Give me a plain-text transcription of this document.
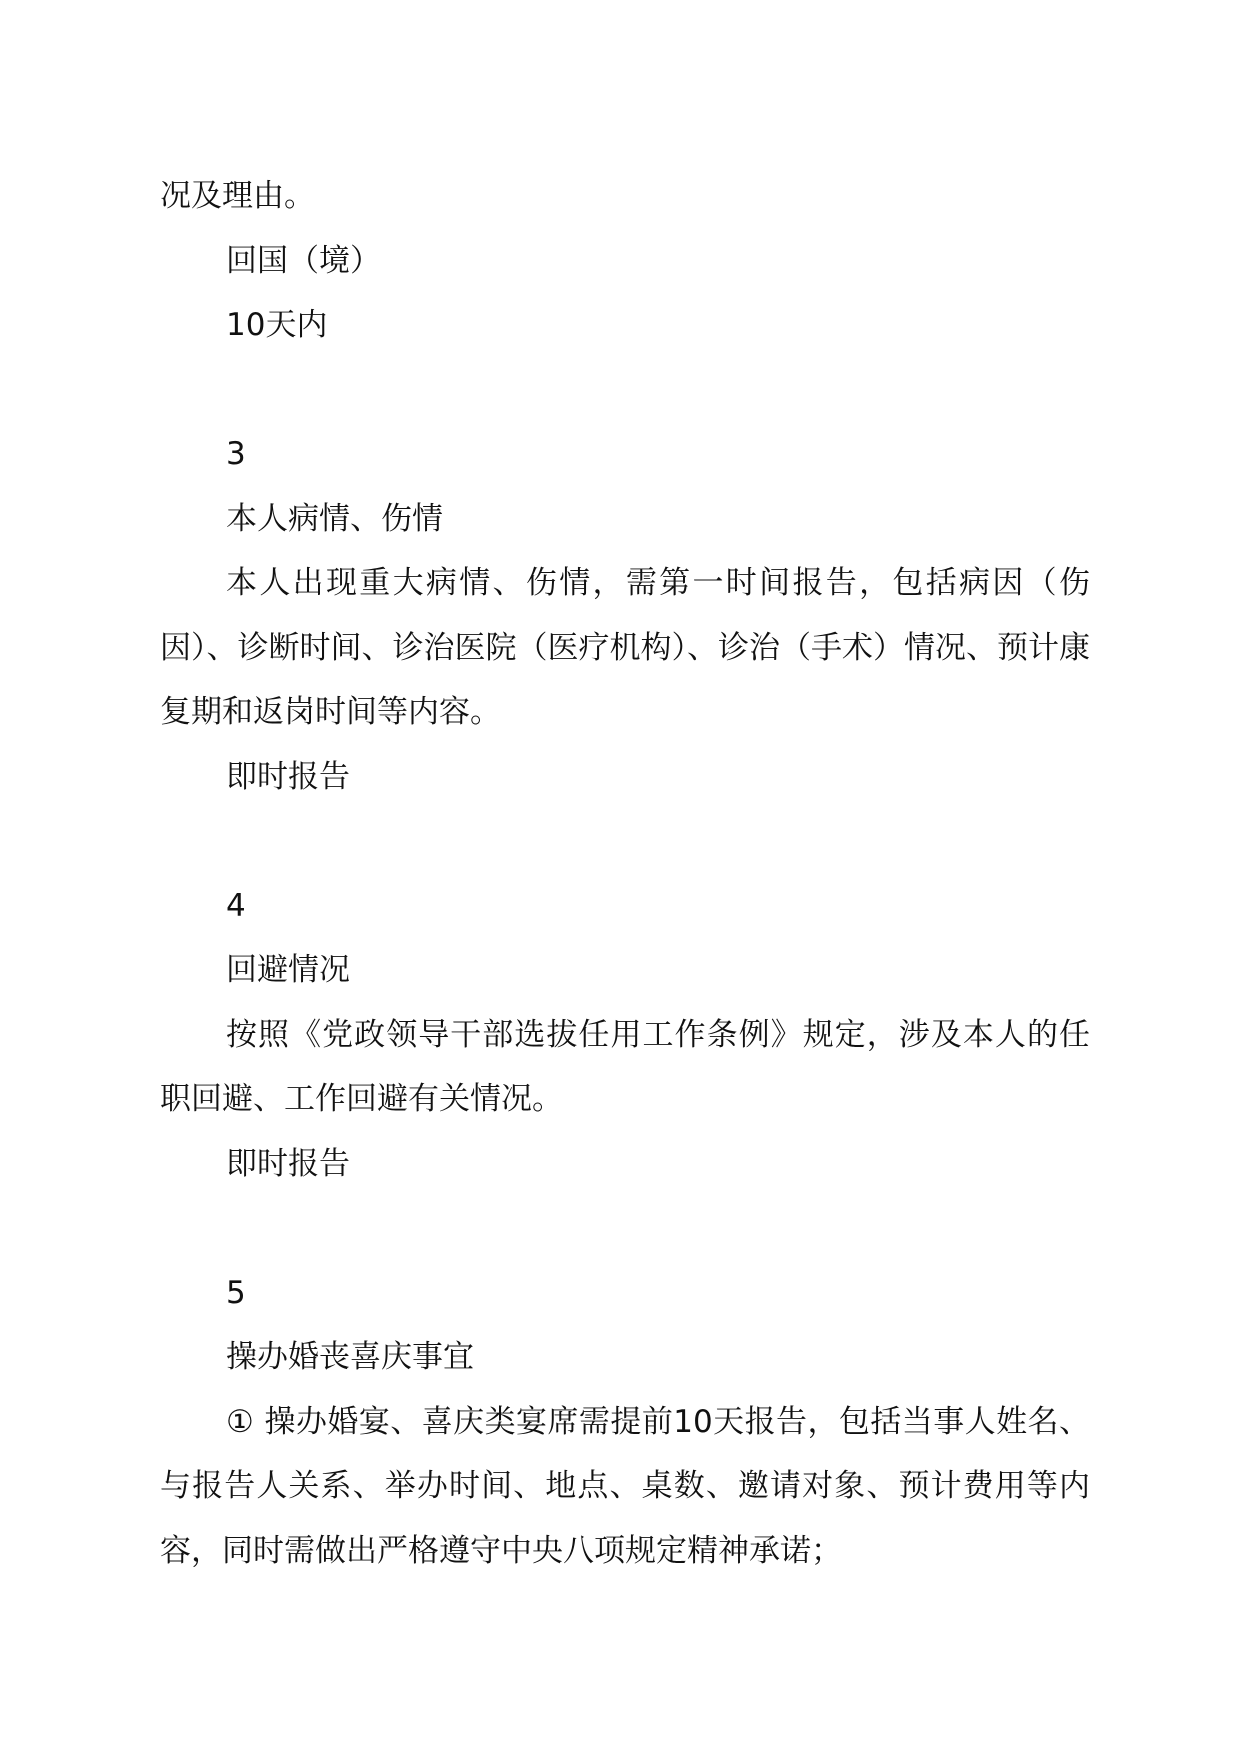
况及理由。

回国（境）

10天内

3

本人病情、伤情

本人出现重大病情、伤情，需第一时间报告，包括病因（伤因）、诊断时间、诊治医院（医疗机构）、诊治（手术）情况、预计康复期和返岗时间等内容。

即时报告

4

回避情况

按照《党政领导干部选拔任用工作条例》规定，涉及本人的任职回避、工作回避有关情况。

即时报告

5

操办婚丧喜庆事宜

① 操办婚宴、喜庆类宴席需提前10天报告，包括当事人姓名、与报告人关系、举办时间、地点、桌数、邀请对象、预计费用等内容，同时需做出严格遵守中央八项规定精神承诺；
